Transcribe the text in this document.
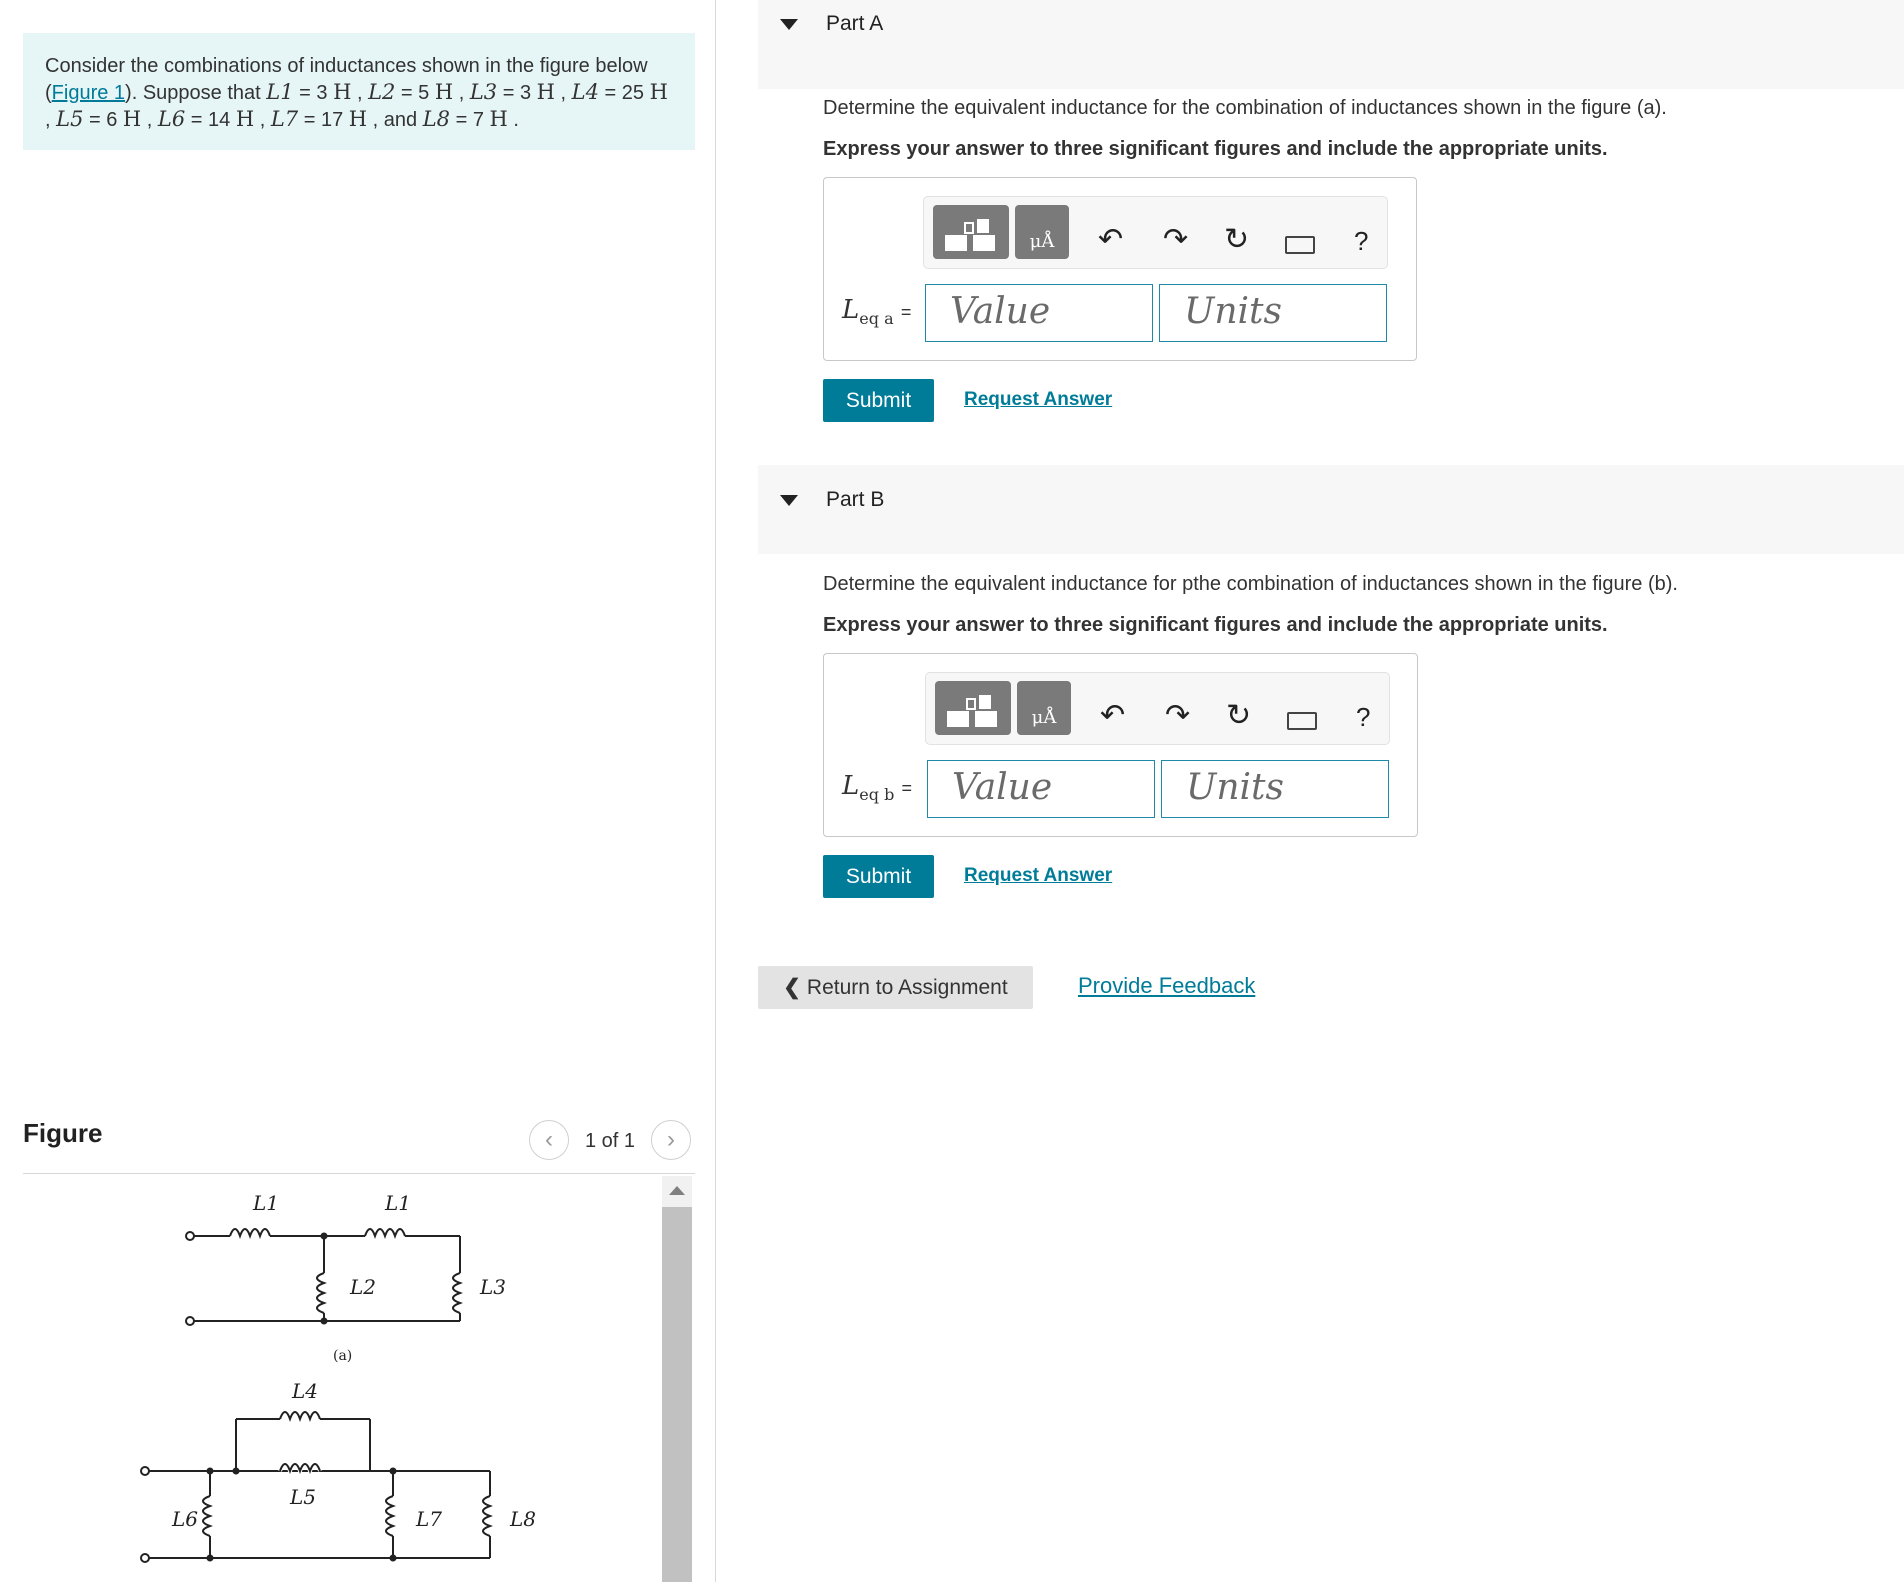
Consider the combinations of inductances shown in the figure below (Figure 1). Suppose that L1 = 3 H , L2 = 5 H , L3 = 3 H , L4 = 25 H , L5 = 6 H , L6 = 14 H , L7 = 17 H , and L8 = 7 H .
Figure	‹	1 of 1	›
L1	L1
L2	L3
L4
L5
L6	L7	L8
(a)
Part A
Determine the equivalent inductance for the combination of inductances shown in the figure (a).
Express your answer to three significant figures and include the appropriate units.
μÅ	↶ ↷ ↻	?
$L_{eq a}$ =	Value	Units
Submit	Request Answer
Part B
Determine the equivalent inductance for pthe combination of inductances shown in the figure (b).
Express your answer to three significant figures and include the appropriate units.
μÅ	↶ ↷ ↻	?
$L_{eq b}$ =	Value	Units
Submit	Request Answer
❮ Return to Assignment	Provide Feedback
